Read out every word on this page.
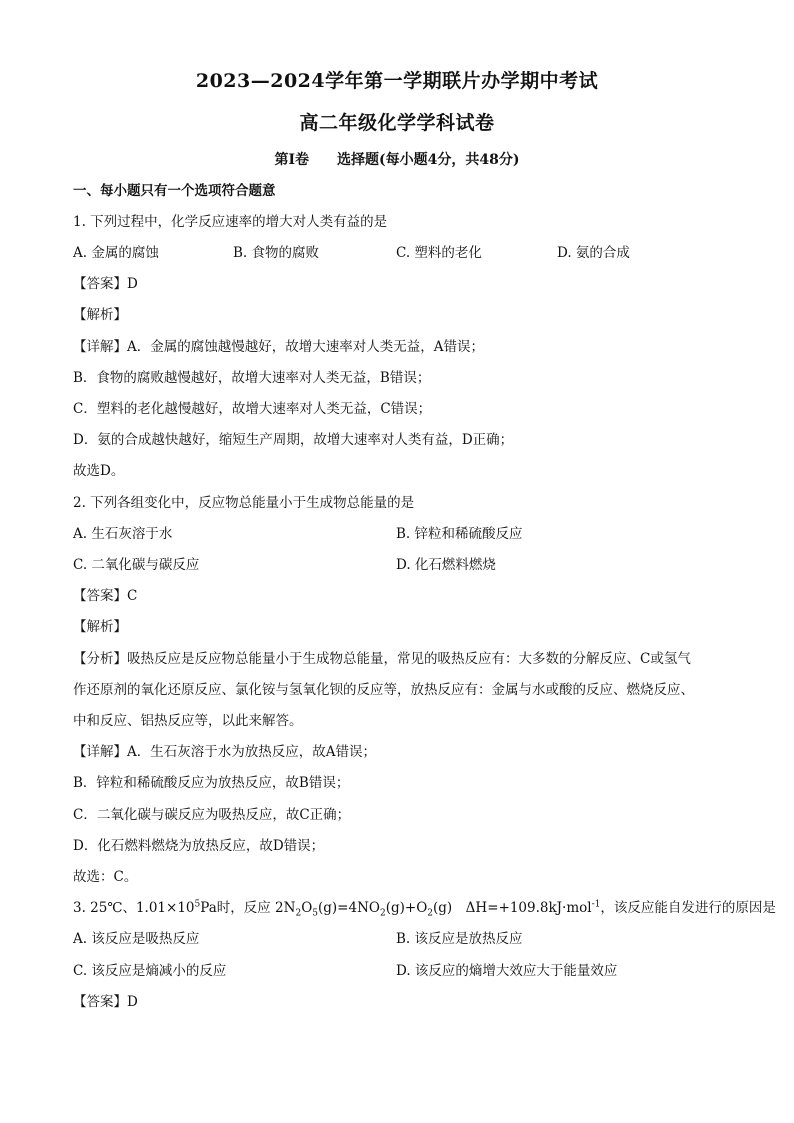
2023—2024学年第一学期联片办学期中考试
高二年级化学学科试卷
第Ⅰ卷　　选择题(每小题4分，共48分)
一、每小题只有一个选项符合题意
1. 下列过程中，化学反应速率的增大对人类有益的是
A. 金属的腐蚀	B. 食物的腐败	C. 塑料的老化	D. 氨的合成
【答案】D
【解析】
【详解】A．金属的腐蚀越慢越好，故增大速率对人类无益，A错误；
B．食物的腐败越慢越好，故增大速率对人类无益，B错误；
C．塑料的老化越慢越好，故增大速率对人类无益，C错误；
D．氨的合成越快越好，缩短生产周期，故增大速率对人类有益，D正确；
故选D。
2. 下列各组变化中，反应物总能量小于生成物总能量的是
A. 生石灰溶于水	B. 锌粒和稀硫酸反应
C. 二氧化碳与碳反应	D. 化石燃料燃烧
【答案】C
【解析】
【分析】吸热反应是反应物总能量小于生成物总能量，常见的吸热反应有：大多数的分解反应、C或氢气
作还原剂的氧化还原反应、氯化铵与氢氧化钡的反应等，放热反应有：金属与水或酸的反应、燃烧反应、
中和反应、铝热反应等，以此来解答。
【详解】A．生石灰溶于水为放热反应，故A错误；
B．锌粒和稀硫酸反应为放热反应，故B错误；
C．二氧化碳与碳反应为吸热反应，故C正确；
D．化石燃料燃烧为放热反应，故D错误；
故选：C。
3. 25℃、$1.01\times 10^5Pa$时，反应 $2N_2O_5(g)=4NO_2(g)+O_2(g)$　ΔH=+109.8kJ·mol$^{-1}$，该反应能自发进行的原因是
A. 该反应是吸热反应	B. 该反应是放热反应
C. 该反应是熵减小的反应	D. 该反应的熵增大效应大于能量效应
【答案】D
